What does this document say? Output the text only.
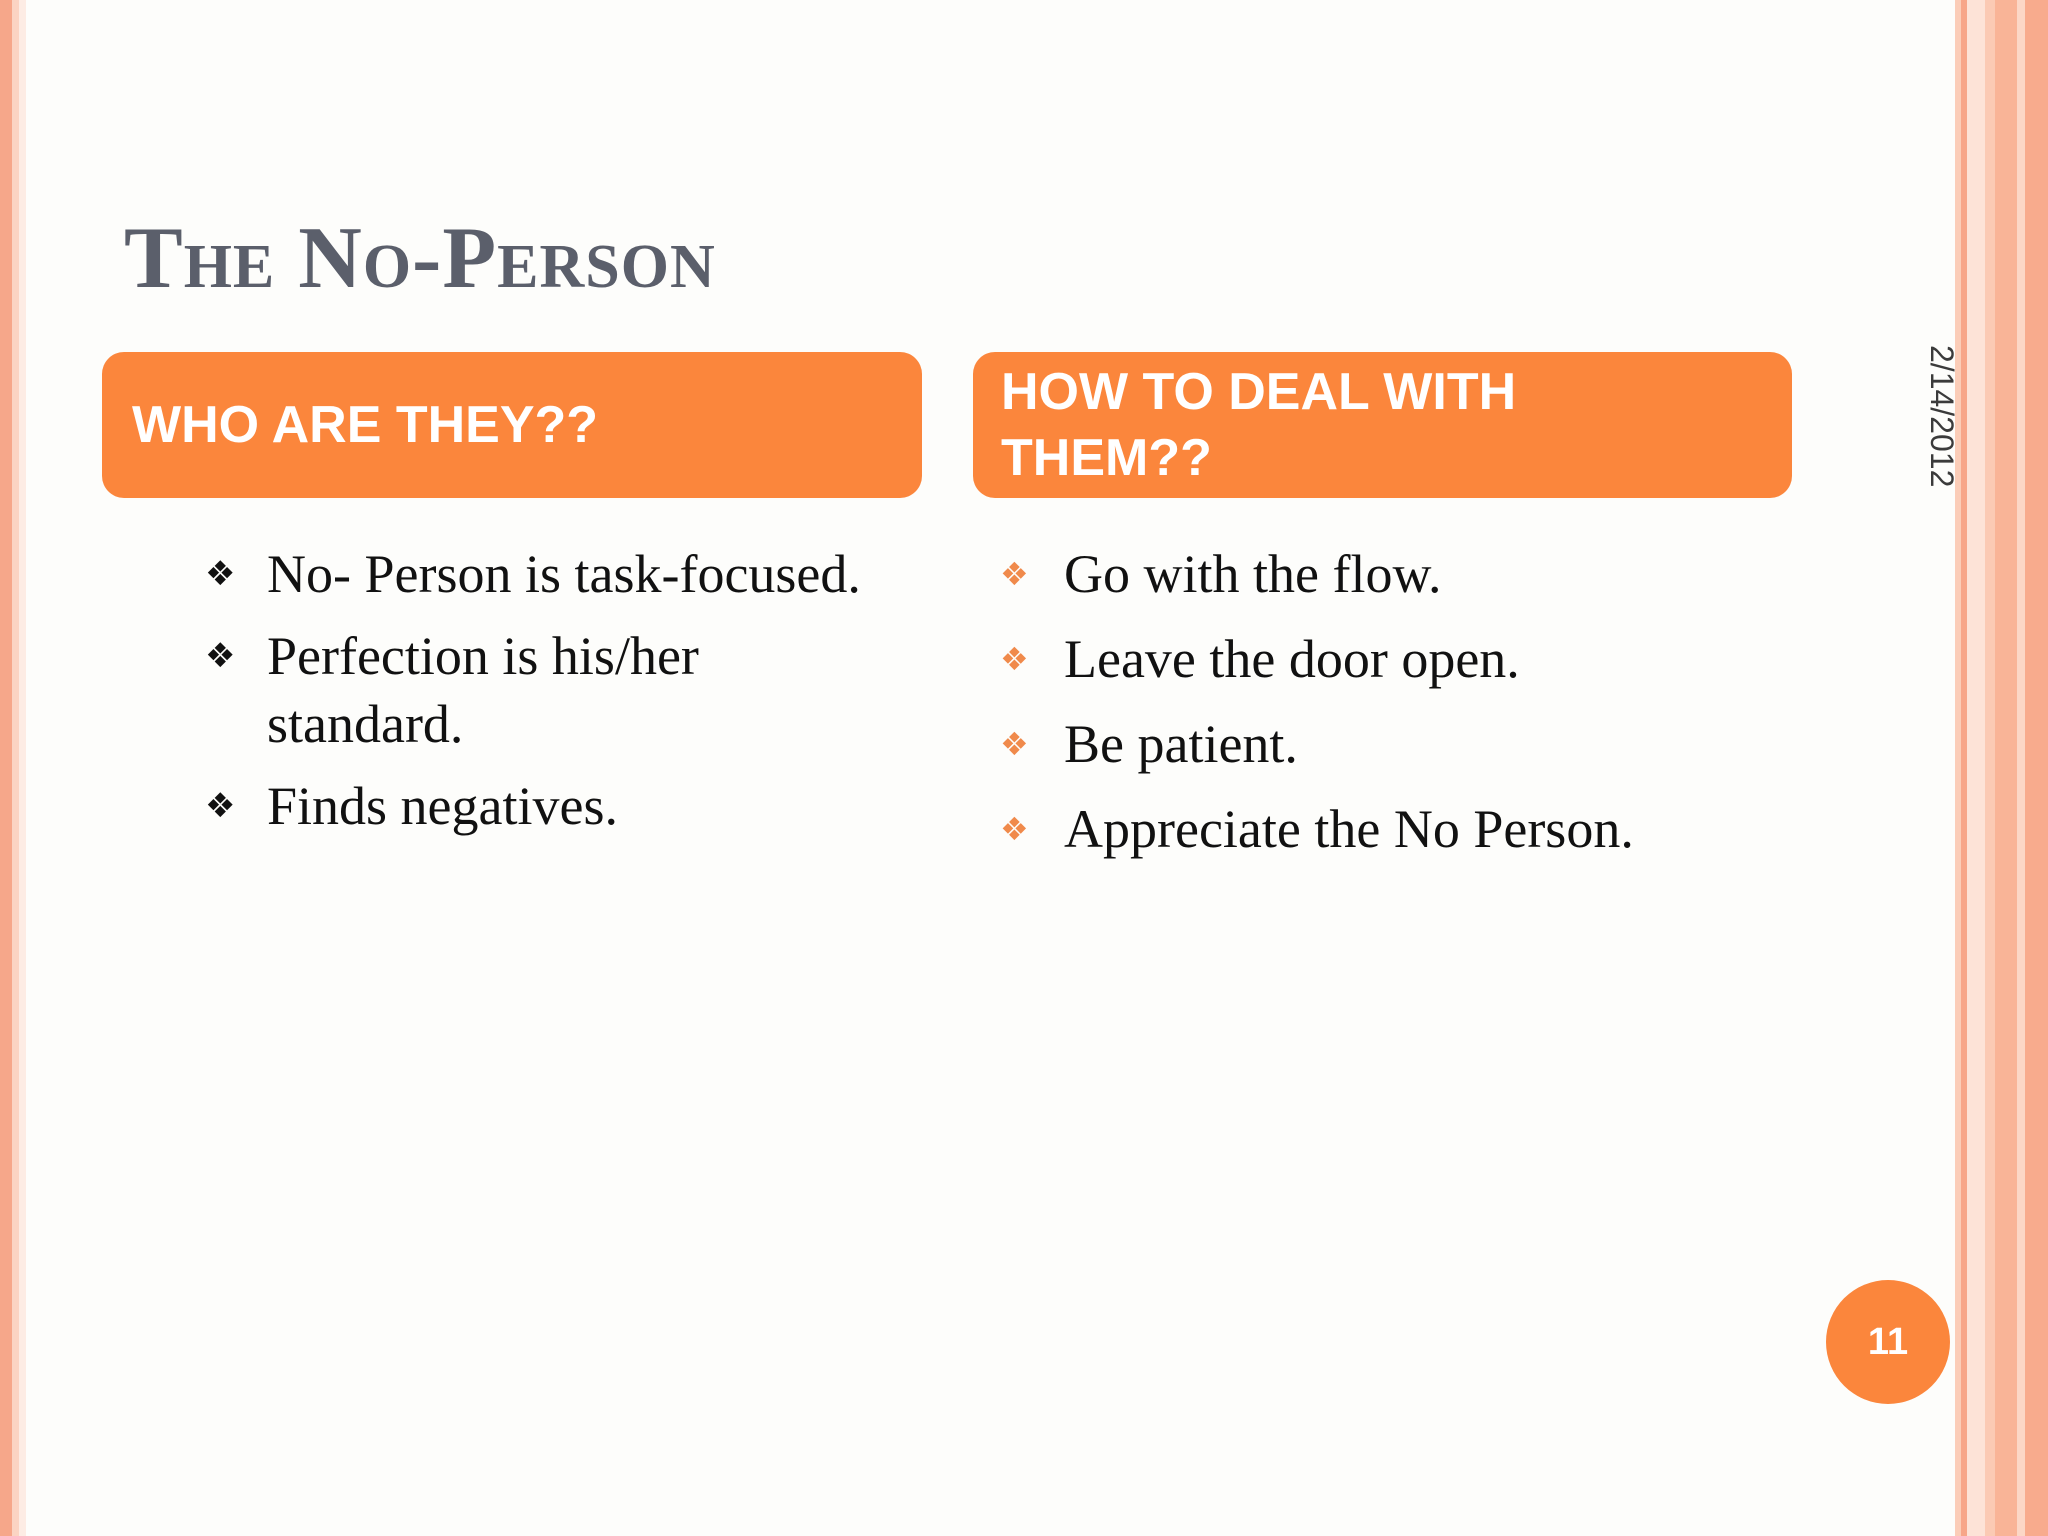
The No-Person
2/14/2012
WHO ARE THEY??
HOW TO DEAL WITH THEM??
❖ No- Person is task-focused.
❖ Perfection is his/her standard.
❖ Finds negatives.
❖ Go with the flow.
❖ Leave the door open.
❖ Be patient.
❖ Appreciate the No Person.
11
